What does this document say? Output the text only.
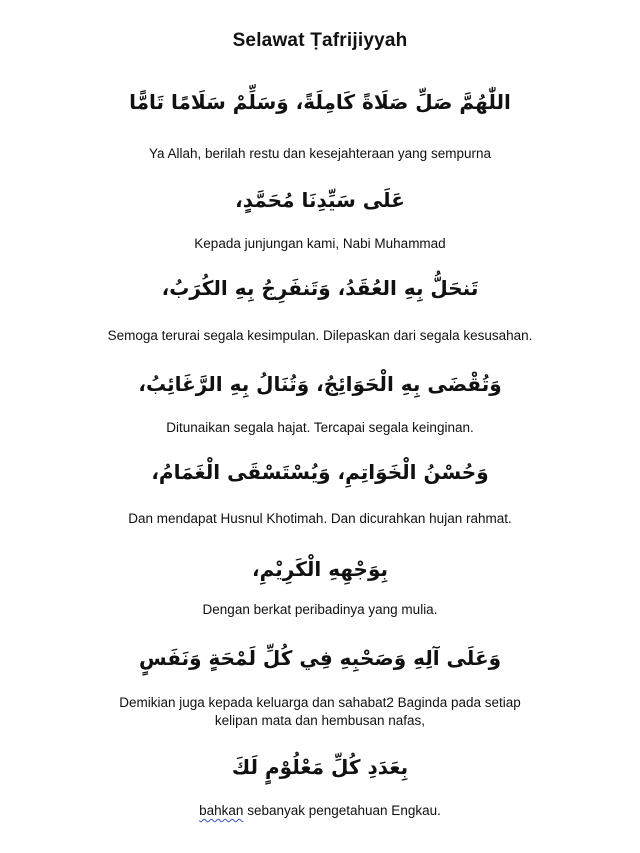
Selawat Ṭafrijiyyah
اللّٰهُمَّ صَلِّ صَلَاةً كَامِلَةً، وَسَلِّمْ سَلَامًا تَامًّا
Ya Allah, berilah restu dan kesejahteraan yang sempurna
عَلَى سَيِّدِنَا مُحَمَّدٍ،
Kepada junjungan kami, Nabi Muhammad
تَنحَلُّ بِهِ العُقَدُ، وَتَنفَرِجُ بِهِ الكُرَبُ،
Semoga terurai segala kesimpulan. Dilepaskan dari segala kesusahan.
وَتُقْضَى بِهِ الْحَوَائِجُ، وَتُنَالُ بِهِ الرَّغَائِبُ،
Ditunaikan segala hajat. Tercapai segala keinginan.
وَحُسْنُ الْخَوَاتِمِ، وَيُسْتَسْقَى الْغَمَامُ،
Dan mendapat Husnul Khotimah. Dan dicurahkan hujan rahmat.
بِوَجْهِهِ الْكَرِيْمِ،
Dengan berkat peribadinya yang mulia.
وَعَلَى آلِهِ وَصَحْبِهِ فِي كُلِّ لَمْحَةٍ وَنَفَسٍ
Demikian juga kepada keluarga dan sahabat2 Baginda pada setiap
kelipan mata dan hembusan nafas,
بِعَدَدِ كُلِّ مَعْلُوْمٍ لَكَ
bahkan sebanyak pengetahuan Engkau.
